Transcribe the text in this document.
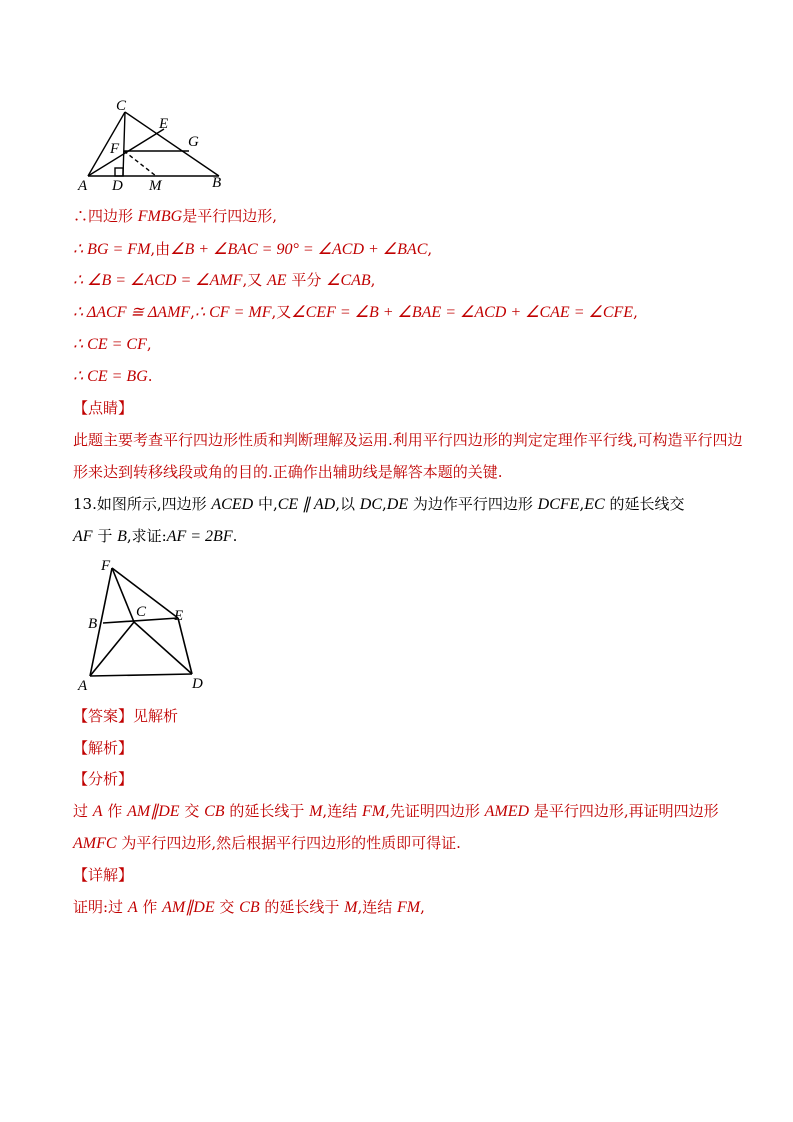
C
E
G
F
A D M	B
∴四边形 FMBG是平行四边形,
∴ BG = FM,由∠B + ∠BAC = 90° = ∠ACD + ∠BAC,
∴ ∠B = ∠ACD = ∠AMF,又 AE 平分 ∠CAB,
∴ ΔACF ≅ ΔAMF,∴ CF = MF,又∠CEF = ∠B + ∠BAE = ∠ACD + ∠CAE = ∠CFE,
∴ CE = CF,
∴ CE = BG.
【点睛】
此题主要考查平行四边形性质和判断理解及运用.利用平行四边形的判定定理作平行线,可构造平行四边
形来达到转移线段或角的目的.正确作出辅助线是解答本题的关键.
13.如图所示,四边形 ACED 中,CE ∥ AD,以 DC,DE 为边作平行四边形 DCFE,EC 的延长线交
AF 于 B,求证:AF = 2BF.
F
B
C E
A	D
【答案】见解析
【解析】
【分析】
过 A 作 AM∥DE 交 CB 的延长线于 M,连结 FM,先证明四边形 AMED 是平行四边形,再证明四边形
AMFC 为平行四边形,然后根据平行四边形的性质即可得证.
【详解】
证明:过 A 作 AM∥DE 交 CB 的延长线于 M,连结 FM,
